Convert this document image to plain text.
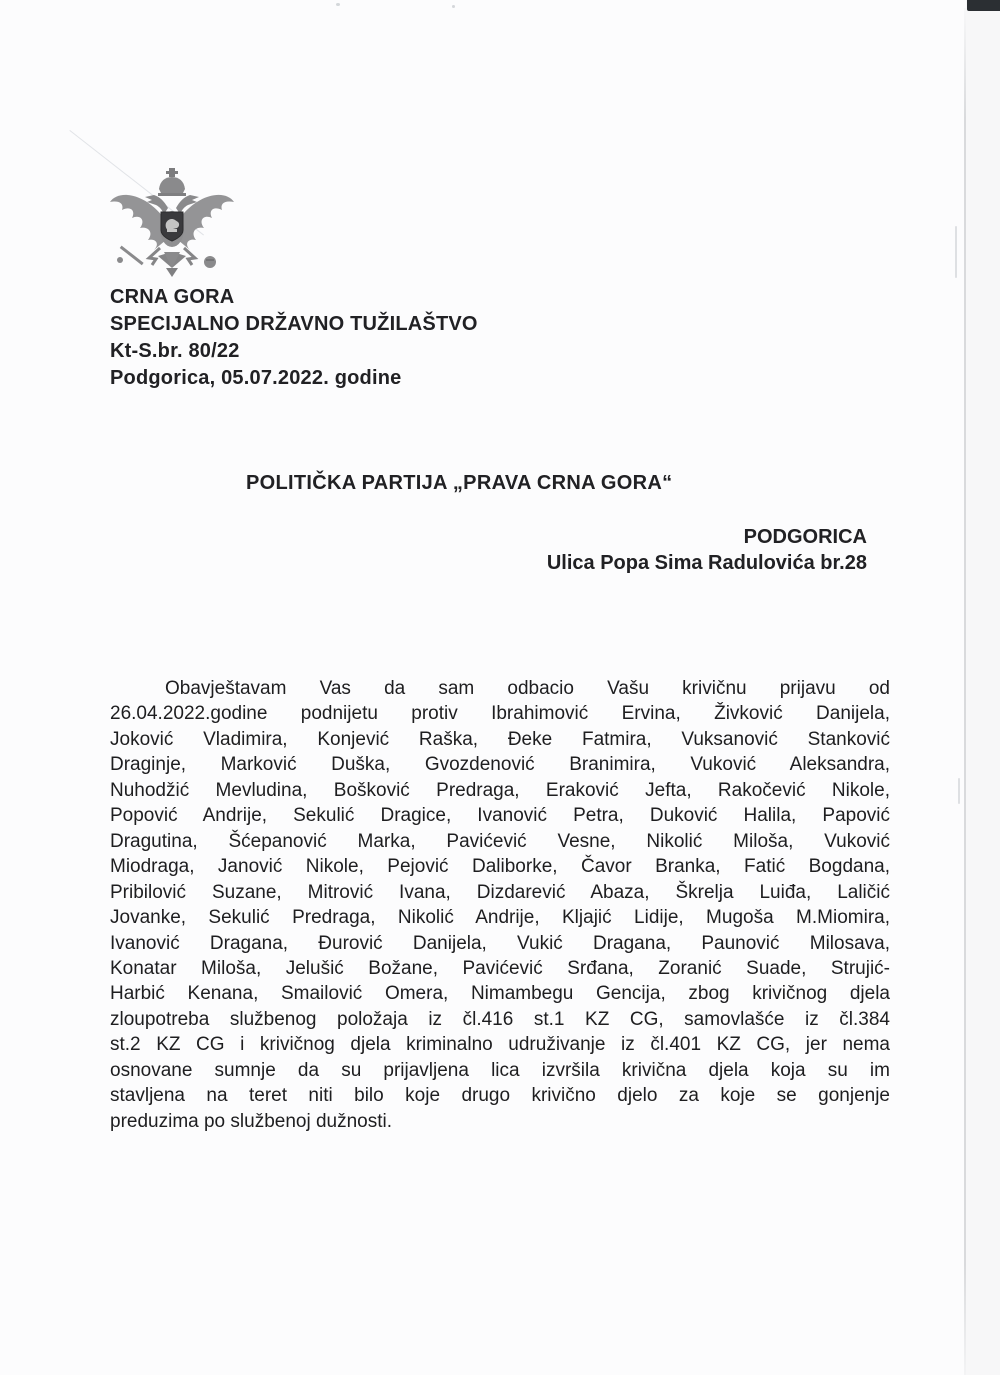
CRNA GORA
SPECIJALNO DRŽAVNO TUŽILAŠTVO
Kt-S.br. 80/22
Podgorica, 05.07.2022. godine
POLITIČKA PARTIJA „PRAVA CRNA GORA“
PODGORICA
Ulica Popa Sima Radulovića br.28
Obavještavam Vas da sam odbacio Vašu krivičnu prijavu od
26.04.2022.godine podnijetu protiv Ibrahimović Ervina, Živković Danijela,
Joković Vladimira, Konjević Raška, Đeke Fatmira, Vuksanović Stanković
Draginje, Marković Duška, Gvozdenović Branimira, Vuković Aleksandra,
Nuhodžić Mevludina, Bošković Predraga, Eraković Jefta, Rakočević Nikole,
Popović Andrije, Sekulić Dragice, Ivanović Petra, Duković Halila, Papović
Dragutina, Šćepanović Marka, Pavićević Vesne, Nikolić Miloša, Vuković
Miodraga, Janović Nikole, Pejović Daliborke, Čavor Branka, Fatić Bogdana,
Pribilović Suzane, Mitrović Ivana, Dizdarević Abaza, Škrelja Luiđa, Laličić
Jovanke, Sekulić Predraga, Nikolić Andrije, Kljajić Lidije, Mugoša M.Miomira,
Ivanović Dragana, Đurović Danijela, Vukić Dragana, Paunović Milosava,
Konatar Miloša, Jelušić Božane, Pavićević Srđana, Zoranić Suade, Strujić-
Harbić Kenana, Smailović Omera, Nimambegu Gencija, zbog krivičnog djela
zloupotreba službenog položaja iz čl.416 st.1 KZ CG, samovlašće iz čl.384
st.2 KZ CG i krivičnog djela kriminalno udruživanje iz čl.401 KZ CG, jer nema
osnovane sumnje da su prijavljena lica izvršila krivična djela koja su im
stavljena na teret niti bilo koje drugo krivično djelo za koje se gonjenje
preduzima po službenoj dužnosti.
